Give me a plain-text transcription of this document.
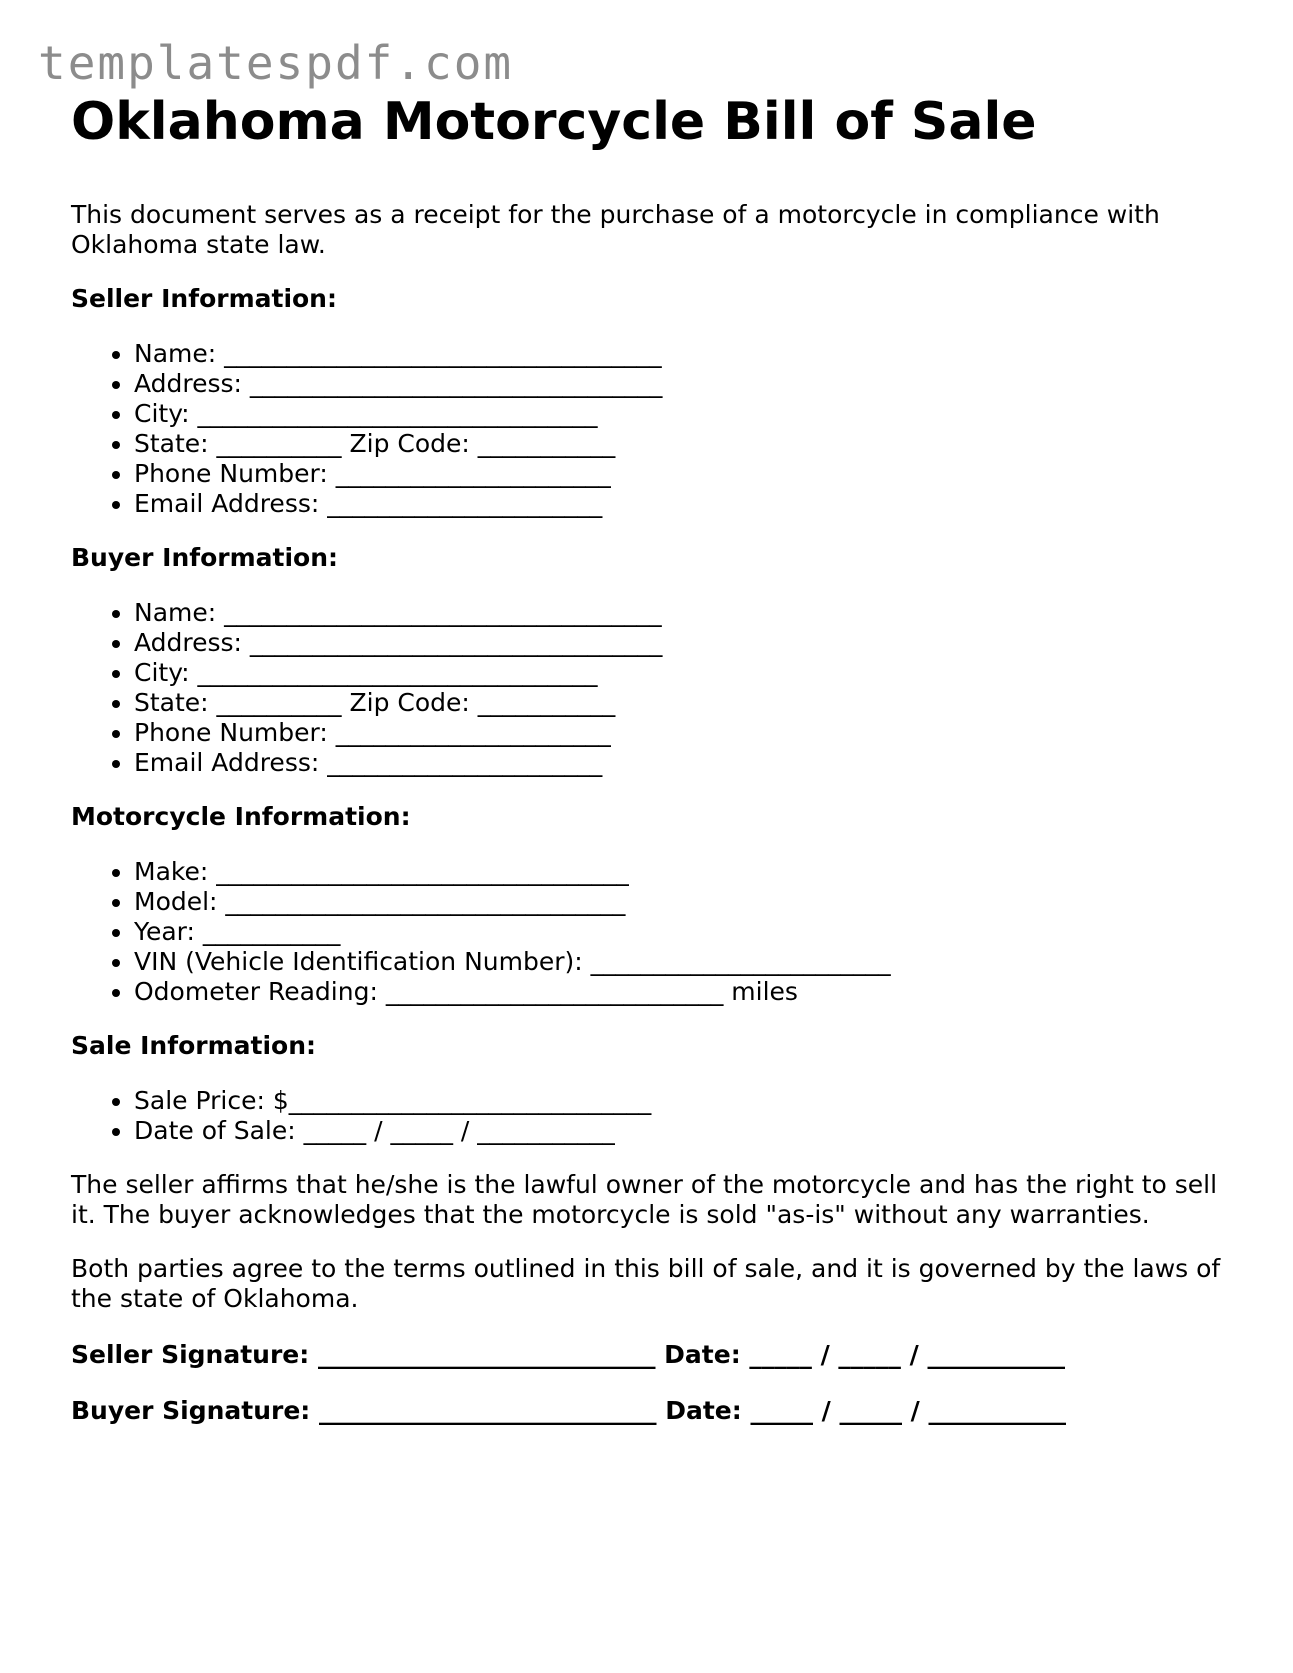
templatespdf.com
Oklahoma Motorcycle Bill of Sale

This document serves as a receipt for the purchase of a motorcycle in compliance with Oklahoma state law.

Seller Information:
• Name: ___________________________________
• Address: _________________________________
• City: ________________________________
• State: __________ Zip Code: ___________
• Phone Number: ______________________
• Email Address: ______________________
Buyer Information:
• Name: ___________________________________
• Address: _________________________________
• City: ________________________________
• State: __________ Zip Code: ___________
• Phone Number: ______________________
• Email Address: ______________________
Motorcycle Information:
• Make: _________________________________
• Model: ________________________________
• Year: ___________
• VIN (Vehicle Identification Number): ________________________
• Odometer Reading: ___________________________ miles
Sale Information:
• Sale Price: $_____________________________
• Date of Sale: _____ / _____ / ___________

The seller affirms that he/she is the lawful owner of the motorcycle and has the right to sell it. The buyer acknowledges that the motorcycle is sold "as-is" without any warranties.

Both parties agree to the terms outlined in this bill of sale, and it is governed by the laws of the state of Oklahoma.

Seller Signature: ___________________________ Date: _____ / _____ / ___________

Buyer Signature: ___________________________ Date: _____ / _____ / ___________
